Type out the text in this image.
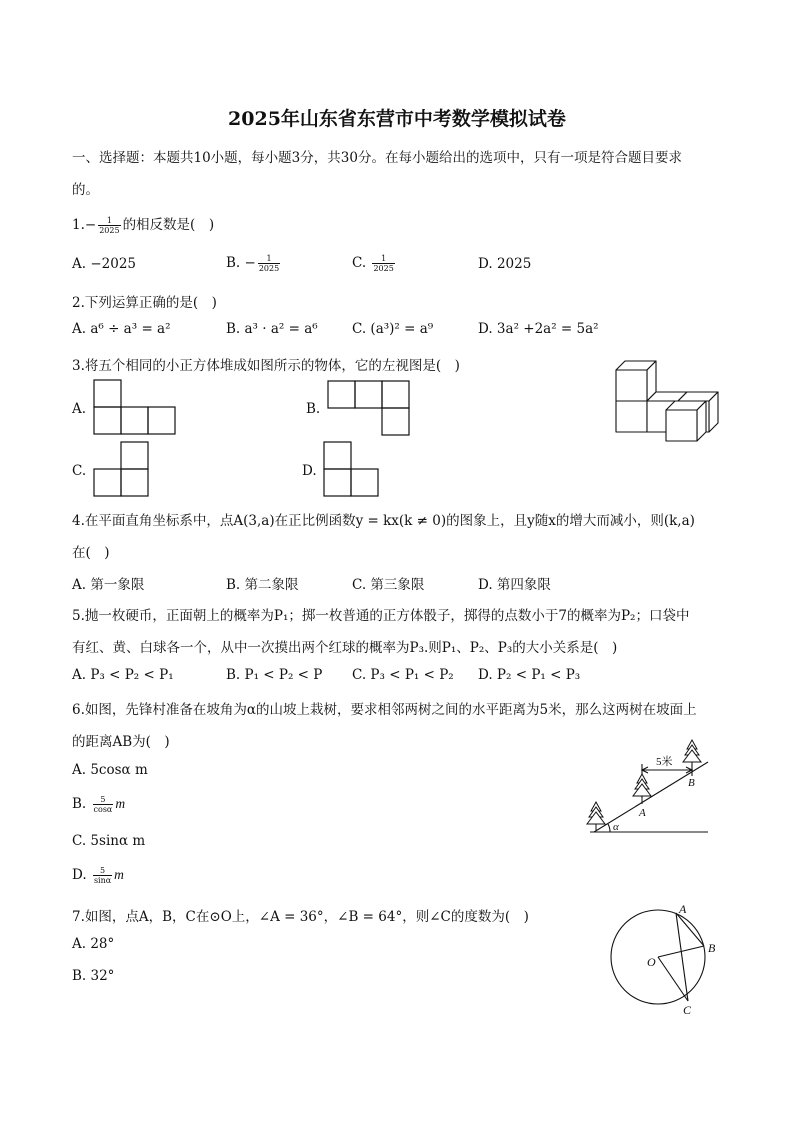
2025年山东省东营市中考数学模拟试卷
一、选择题：本题共10小题，每小题3分，共30分。在每小题给出的选项中，只有一项是符合题目要求
的。
$1.- \frac{1}{2025}$ 的相反数是(　)
A. −2025	B. − $\frac{1}{2025}$	C. $\frac{1}{2025}$	D. 2025
2.下列运算正确的是(　)
A. a⁶ ÷ a³ = a²	B. a³ · a² = a⁶	C. (a³)² = a⁹	D. 3a² +2a² = 5a²
3.将五个相同的小正方体堆成如图所示的物体，它的左视图是(　)
A.	B.
C.	D.
4.在平面直角坐标系中，点A(3,a)在正比例函数y = kx(k ≠ 0)的图象上，且y随x的增大而减小，则(k,a)
在(　)
A. 第一象限	B. 第二象限	C. 第三象限	D. 第四象限
5.抛一枚硬币，正面朝上的概率为P₁；掷一枚普通的正方体骰子，掷得的点数小于7的概率为P₂；口袋中
有红、黄、白球各一个，从中一次摸出两个红球的概率为P₃.则P₁、P₂、P₃的大小关系是(　)
A. P₃ < P₂ < P₁	B. P₁ < P₂ < P C. P₃ < P₁ < P₂ D. P₂ < P₁ < P₃
6.如图，先锋村准备在坡角为α的山坡上栽树，要求相邻两树之间的水平距离为5米，那么这两树在坡面上
的距离AB为(　)
A. 5cosα m
B. $\frac{5}{\cos\alpha}$ m
C. 5sinα m
D. $\frac{5}{\sin\alpha}$ m
5米
A
B
α
7.如图，点A，B，C在⊙O上，∠A = 36°，∠B = 64°，则∠C的度数为(　)
A. 28°
B. 32°
O
A
B
C
